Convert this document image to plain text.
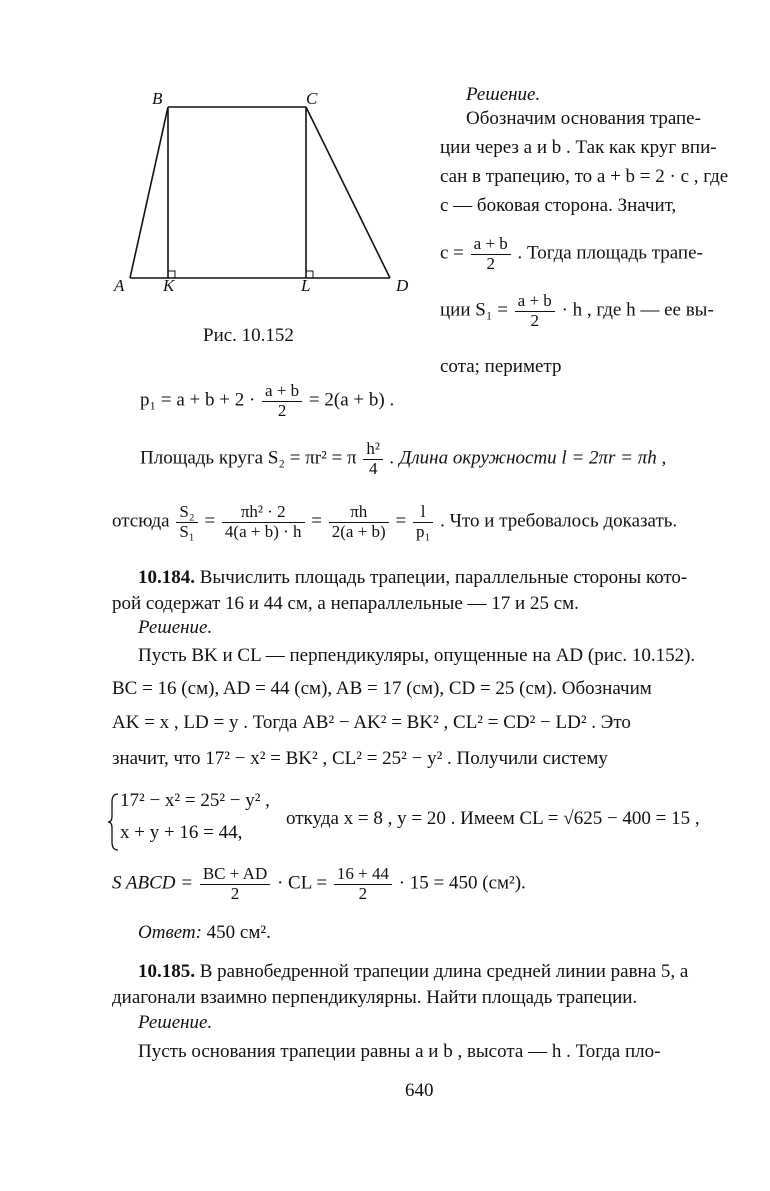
B	C
A K	L	D
Рис. 10.152
Решение.
Обозначим основания трапе-
ции через a и b . Так как круг впи-
сан в трапецию, то a + b = 2 · c , где
c — боковая сторона. Значит,
$c = \frac{a + b}{2}$ . Тогда площадь трапе-
ции $S_1 = \frac{a + b}{2} \cdot h$ , где h — ее вы-
сота; периметр
$p_1 = a + b + 2 \cdot \frac{a + b}{2} = 2(a + b)$ .
Площадь круга S₂ = πr² = π $\frac{\text{h²}}{4}$ . Длина окружности l = 2πr = πh ,
отсюда $\frac{\text{S₂}}{\text{S₁}} = \frac{\text{πh² · 2}}{4(a + b) \cdot h} = \frac{\pi h}{2(a + b)} = \frac{l}{\text{p₁}}$ . Что и требовалось доказать.
10.184. Вычислить площадь трапеции, параллельные стороны кото-
рой содержат 16 и 44 см, а непараллельные — 17 и 25 см.
Решение.
Пусть BK и CL — перпендикуляры, опущенные на AD (рис. 10.152).
BC = 16 (см), AD = 44 (см), AB = 17 (см), CD = 25 (см). Обозначим
AK = x , LD = y . Тогда AB² − AK² = BK² , CL² = CD² − LD² . Это
значит, что 17² − x² = BK² , CL² = 25² − y² . Получили систему
17² − x² = 25² − y² ,
x + y + 16 = 44,
откуда x = 8 , y = 20 . Имеем CL = √625 − 400 = 15 ,
S ABCD = $\frac{BC + AD}{2}$ · CL = $\frac{16 + 44}{2} \cdot 15 = 450$ (см²).
Ответ: 450 см².
10.185. В равнобедренной трапеции длина средней линии равна 5, а
диагонали взаимно перпендикулярны. Найти площадь трапеции.
Решение.
Пусть основания трапеции равны a и b , высота — h . Тогда пло-
640
